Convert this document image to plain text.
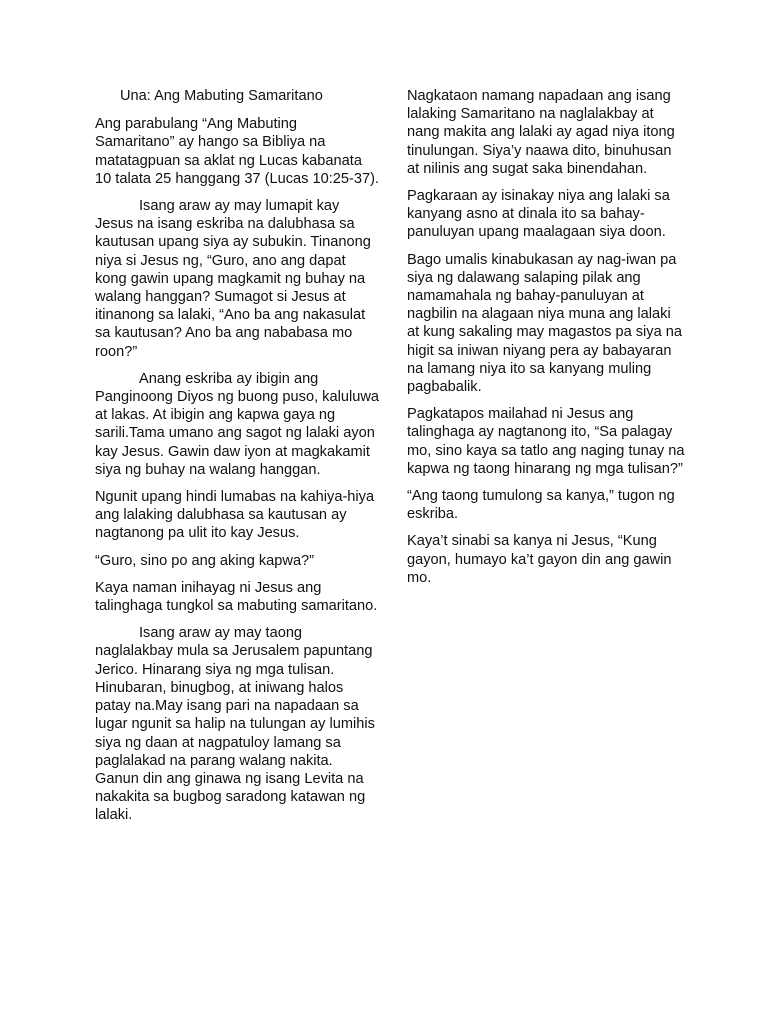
Una: Ang Mabuting Samaritano

Ang parabulang “Ang Mabuting Samaritano” ay hango sa Bibliya na matatagpuan sa aklat ng Lucas kabanata 10 talata 25 hanggang 37 (Lucas 10:25-37).

Isang araw ay may lumapit kay Jesus na isang eskriba na dalubhasa sa kautusan upang siya ay subukin. Tinanong niya si Jesus ng, “Guro, ano ang dapat kong gawin upang magkamit ng buhay na walang hanggan? Sumagot si Jesus at itinanong sa lalaki, “Ano ba ang nakasulat sa kautusan? Ano ba ang nababasa mo roon?”

Anang eskriba ay ibigin ang Panginoong Diyos ng buong puso, kaluluwa at lakas. At ibigin ang kapwa gaya ng sarili.Tama umano ang sagot ng lalaki ayon kay Jesus. Gawin daw iyon at magkakamit siya ng buhay na walang hanggan.

Ngunit upang hindi lumabas na kahiya-hiya ang lalaking dalubhasa sa kautusan ay nagtanong pa ulit ito kay Jesus.

“Guro, sino po ang aking kapwa?”

Kaya naman inihayag ni Jesus ang talinghaga tungkol sa mabuting samaritano.

Isang araw ay may taong naglalakbay mula sa Jerusalem papuntang Jerico. Hinarang siya ng mga tulisan. Hinubaran, binugbog, at iniwang halos patay na.May isang pari na napadaan sa lugar ngunit sa halip na tulungan ay lumihis siya ng daan at nagpatuloy lamang sa paglalakad na parang walang nakita. Ganun din ang ginawa ng isang Levita na nakakita sa bugbog saradong katawan ng lalaki.

Nagkataon namang napadaan ang isang lalaking Samaritano na naglalakbay at nang makita ang lalaki ay agad niya itong tinulungan. Siya’y naawa dito, binuhusan at nilinis ang sugat saka binendahan.

Pagkaraan ay isinakay niya ang lalaki sa kanyang asno at dinala ito sa bahay-panuluyan upang maalagaan siya doon.

Bago umalis kinabukasan ay nag-iwan pa siya ng dalawang salaping pilak ang namamahala ng bahay-panuluyan at nagbilin na alagaan niya muna ang lalaki at kung sakaling may magastos pa siya na higit sa iniwan niyang pera ay babayaran na lamang niya ito sa kanyang muling pagbabalik.

Pagkatapos mailahad ni Jesus ang talinghaga ay nagtanong ito, “Sa palagay mo, sino kaya sa tatlo ang naging tunay na kapwa ng taong hinarang ng mga tulisan?”

“Ang taong tumulong sa kanya,” tugon ng eskriba.

Kaya’t sinabi sa kanya ni Jesus, “Kung gayon, humayo ka’t gayon din ang gawin mo.
